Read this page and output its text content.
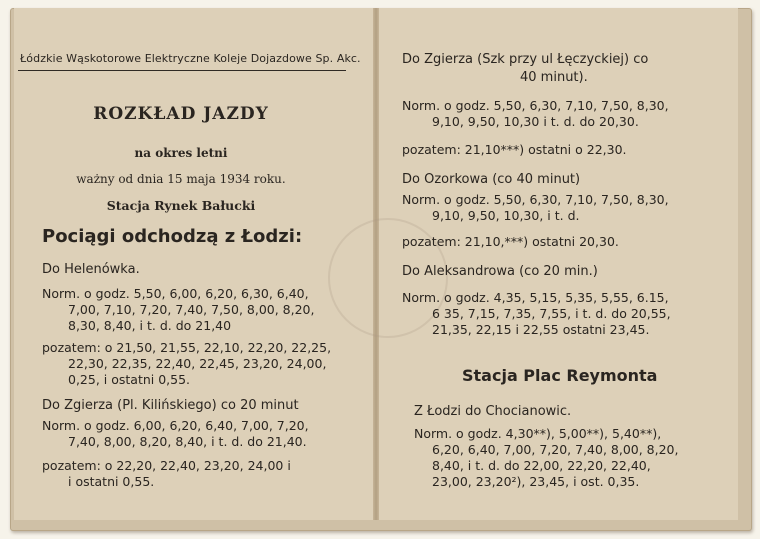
Łódzkie Wąskotorowe Elektryczne Koleje Dojazdowe Sp. Akc.
ROZKŁAD JAZDY
na okres letni
ważny od dnia 15 maja 1934 roku.
Stacja Rynek Bałucki
Pociągi odchodzą z Łodzi:
Do Helenówka.
Norm. o godz. 5,50, 6,00, 6,20, 6,30, 6,40,
7,00, 7,10, 7,20, 7,40, 7,50, 8,00, 8,20,
8,30, 8,40, i t. d. do 21,40
pozatem: o 21,50, 21,55, 22,10, 22,20, 22,25,
22,30, 22,35, 22,40, 22,45, 23,20, 24,00,
0,25, i ostatni 0,55.
Do Zgierza (Pl. Kilińskiego) co 20 minut
Norm. o godz. 6,00, 6,20, 6,40, 7,00, 7,20,
7,40, 8,00, 8,20, 8,40, i t. d. do 21,40.
pozatem: o 22,20, 22,40, 23,20, 24,00 i
i ostatni 0,55.
Do Zgierza (Szk przy ul Łęczyckiej) co
40 minut).
Norm. o godz. 5,50, 6,30, 7,10, 7,50, 8,30,
9,10, 9,50, 10,30 i t. d. do 20,30.
pozatem: 21,10***) ostatni o 22,30.
Do Ozorkowa (co 40 minut)
Norm. o godz. 5,50, 6,30, 7,10, 7,50, 8,30,
9,10, 9,50, 10,30, i t. d.
pozatem: 21,10,***) ostatni 20,30.
Do Aleksandrowa (co 20 min.)
Norm. o godz. 4,35, 5,15, 5,35, 5,55, 6.15,
6 35, 7,15, 7,35, 7,55, i t. d. do 20,55,
21,35, 22,15 i 22,55 ostatni 23,45.
Stacja Plac Reymonta
Z Łodzi do Chocianowic.
Norm. o godz. 4,30**), 5,00**), 5,40**),
6,20, 6,40, 7,00, 7,20, 7,40, 8,00, 8,20,
8,40, i t. d. do 22,00, 22,20, 22,40,
23,00, 23,20²), 23,45, i ost. 0,35.
